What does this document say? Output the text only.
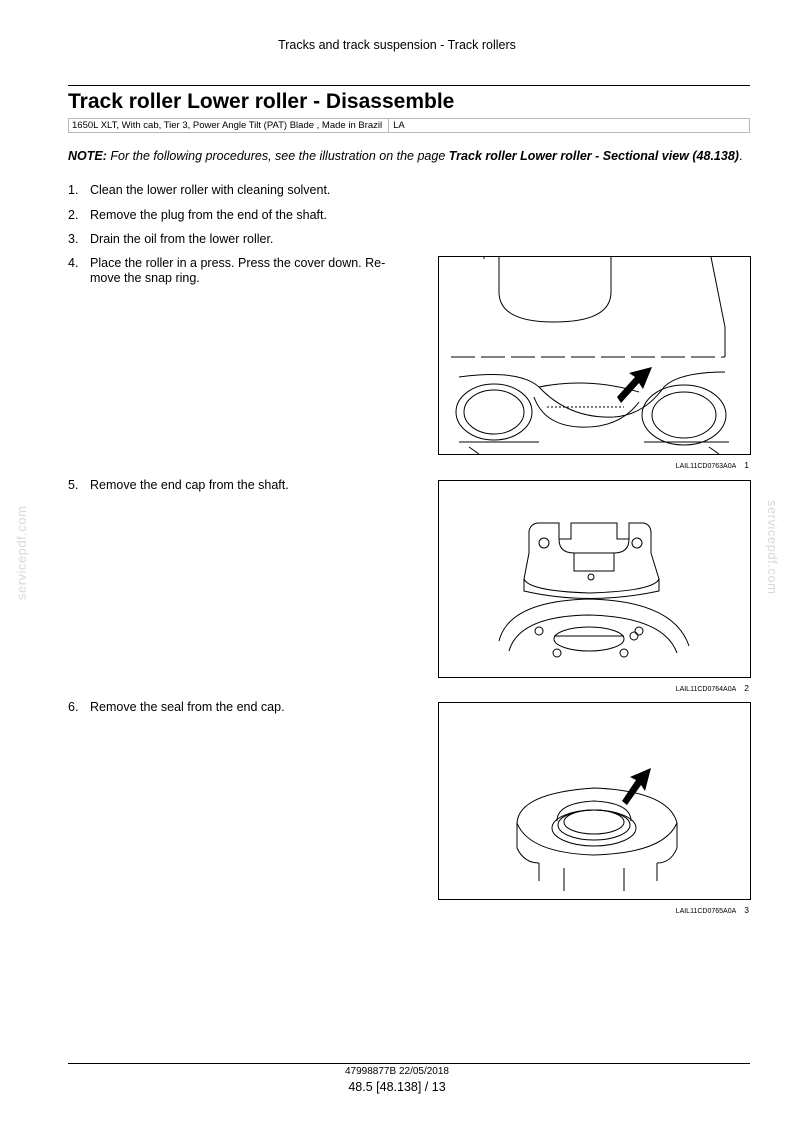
Tracks and track suspension - Track rollers
Track roller Lower roller - Disassemble
1650L XLT, With cab, Tier 3, Power Angle Tilt (PAT) Blade , Made in Brazil	LA
NOTE: For the following procedures, see the illustration on the page Track roller Lower roller - Sectional view (48.138).
1. Clean the lower roller with cleaning solvent.
2. Remove the plug from the end of the shaft.
3. Drain the oil from the lower roller.
4. Place the roller in a press. Press the cover down. Re-move the snap ring.
5. Remove the end cap from the shaft.
6. Remove the seal from the end cap.
LAIL11CD0763A0A 1
LAIL11CD0764A0A 2
LAIL11CD0765A0A 3
servicepdf.com	servicepdf.com
47998877B 22/05/2018
48.5 [48.138] / 13
